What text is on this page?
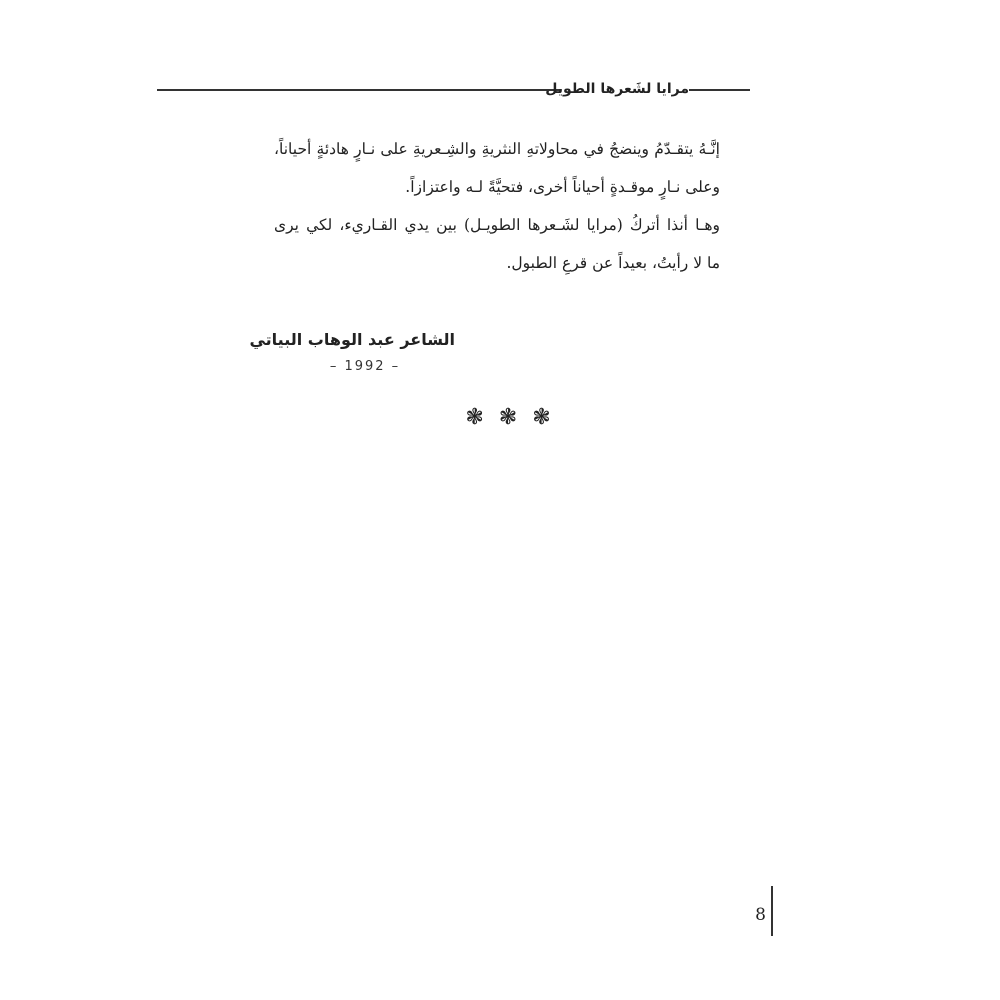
مرايا لشَعرها الطويل
إنَّـهُ يتقـدّمُ وينضجُ في محاولاتهِ النثريةِ والشِـعريةِ على نـارٍ هادئةٍ أحياناً،
وعلى نـارٍ موقـدةٍ أحياناً أخرى، فتحيَّةً لـه واعتزازاً.
وهـا أنذا أتركُ (مرايا لشَـعرها الطويـل) بين يدي القـاريء، لكي يرى
ما لا رأيتُ، بعيداً عن قرعِ الطبول.
الشاعر عبد الوهاب البياتي
– 1992 –
❃ ❃ ❃
8
